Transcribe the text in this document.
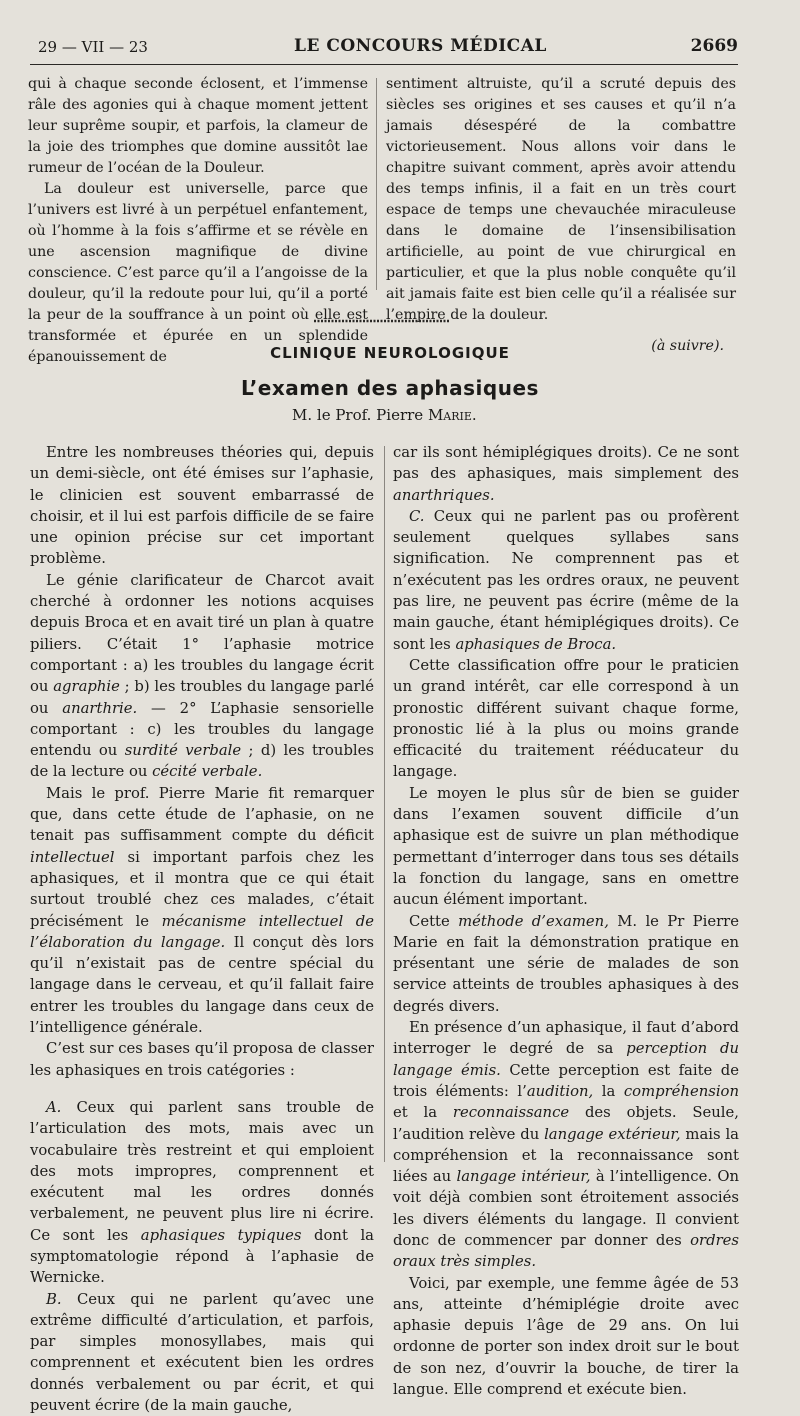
29 — VII — 23	LE CONCOURS MÉDICAL	2669

qui à chaque seconde éclosent, et l’immense râle des agonies qui à chaque moment jettent leur suprême soupir, et parfois, la clameur de la joie des triomphes que domine aussitôt lae rumeur de l’océan de la Douleur.

La douleur est universelle, parce que l’univers est livré à un perpétuel enfantement, où l’homme à la fois s’affirme et se révèle en une ascension magnifique de divine conscience. C’est parce qu’il a l’angoisse de la douleur, qu’il la redoute pour lui, qu’il a porté la peur de la souffrance à un point où elle est transformée et épurée en un splendide épanouissement de

sentiment altruiste, qu’il a scruté depuis des siècles ses origines et ses causes et qu’il n’a jamais désespéré de la combattre victorieusement. Nous allons voir dans le chapitre suivant comment, après avoir attendu des temps infinis, il a fait en un très court espace de temps une chevauchée miraculeuse dans le domaine de l’insensibilisation artificielle, au point de vue chirurgical en particulier, et que la plus noble conquête qu’il ait jamais faite est bien celle qu’il a réalisée sur l’empire de la douleur.

(à suivre).
CLINIQUE NEUROLOGIQUE
L’examen des aphasiques
M. le Prof. Pierre Marie.

Entre les nombreuses théories qui, depuis un demi-siècle, ont été émises sur l’aphasie, le clinicien est souvent embarrassé de choisir, et il lui est parfois difficile de se faire une opinion précise sur cet important problème.

Le génie clarificateur de Charcot avait cherché à ordonner les notions acquises depuis Broca et en avait tiré un plan à quatre piliers. C’était 1° l’aphasie motrice comportant : a) les troubles du langage écrit ou agraphie ; b) les troubles du langage parlé ou anarthrie. — 2° L’aphasie sensorielle comportant : c) les troubles du langage entendu ou surdité verbale ; d) les troubles de la lecture ou cécité verbale.

Mais le prof. Pierre Marie fit remarquer que, dans cette étude de l’aphasie, on ne tenait pas suffisamment compte du déficit intellectuel si important parfois chez les aphasiques, et il montra que ce qui était surtout troublé chez ces malades, c’était précisément le mécanisme intellectuel de l’élaboration du langage. Il conçut dès lors qu’il n’existait pas de centre spécial du langage dans le cerveau, et qu’il fallait faire entrer les troubles du langage dans ceux de l’intelligence générale.

C’est sur ces bases qu’il proposa de classer les aphasiques en trois catégories :

A. Ceux qui parlent sans trouble de l’articulation des mots, mais avec un vocabulaire très restreint et qui emploient des mots impropres, comprennent et exécutent mal les ordres donnés verbalement, ne peuvent plus lire ni écrire. Ce sont les aphasiques typiques dont la symptomatologie répond à l’aphasie de Wernicke.

B. Ceux qui ne parlent qu’avec une extrême difficulté d’articulation, et parfois, par simples monosyllabes, mais qui comprennent et exécutent bien les ordres donnés verbalement ou par écrit, et qui peuvent écrire (de la main gauche,

car ils sont hémiplégiques droits). Ce ne sont pas des aphasiques, mais simplement des anarthriques.

C. Ceux qui ne parlent pas ou profèrent seulement quelques syllabes sans signification. Ne comprennent pas et n’exécutent pas les ordres oraux, ne peuvent pas lire, ne peuvent pas écrire (même de la main gauche, étant hémiplégiques droits). Ce sont les aphasiques de Broca.

Cette classification offre pour le praticien un grand intérêt, car elle correspond à un pronostic différent suivant chaque forme, pronostic lié à la plus ou moins grande efficacité du traitement rééducateur du langage.

Le moyen le plus sûr de bien se guider dans l’examen souvent difficile d’un aphasique est de suivre un plan méthodique permettant d’interroger dans tous ses détails la fonction du langage, sans en omettre aucun élément important.

Cette méthode d’examen, M. le Pr Pierre Marie en fait la démonstration pratique en présentant une série de malades de son service atteints de troubles aphasiques à des degrés divers.

En présence d’un aphasique, il faut d’abord interroger le degré de sa perception du langage émis. Cette perception est faite de trois éléments: l’audition, la compréhension et la reconnaissance des objets. Seule, l’audition relève du langage extérieur, mais la compréhension et la reconnaissance sont liées au langage intérieur, à l’intelligence. On voit déjà combien sont étroitement associés les divers éléments du langage. Il convient donc de commencer par donner des ordres oraux très simples.

Voici, par exemple, une femme âgée de 53 ans, atteinte d’hémiplégie droite avec aphasie depuis l’âge de 29 ans. On lui ordonne de porter son index droit sur le bout de son nez, d’ouvrir la bouche, de tirer la langue. Elle comprend et exécute bien.
